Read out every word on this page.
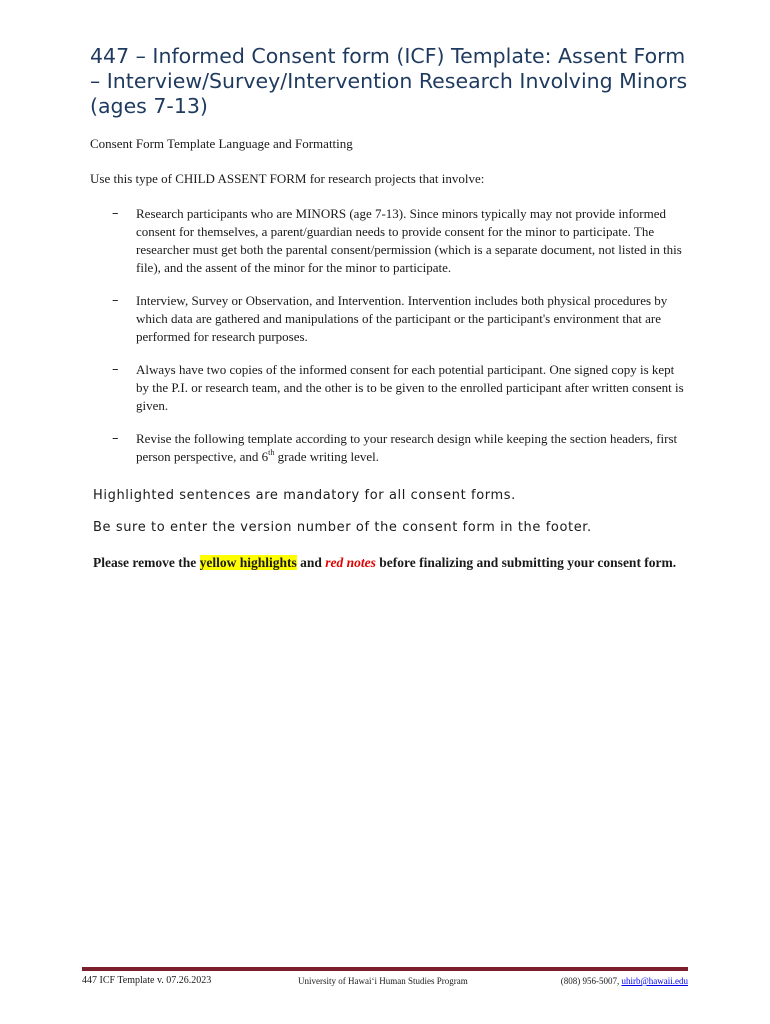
447 – Informed Consent form (ICF) Template: Assent Form – Interview/Survey/Intervention Research Involving Minors (ages 7-13)

Consent Form Template Language and Formatting

Use this type of CHILD ASSENT FORM for research projects that involve:

– Research participants who are MINORS (age 7-13). Since minors typically may not provide informed consent for themselves, a parent/guardian needs to provide consent for the minor to participate. The researcher must get both the parental consent/permission (which is a separate document, not listed in this file), and the assent of the minor for the minor to participate.
– Interview, Survey or Observation, and Intervention. Intervention includes both physical procedures by which data are gathered and manipulations of the participant or the participant's environment that are performed for research purposes.
– Always have two copies of the informed consent for each potential participant. One signed copy is kept by the P.I. or research team, and the other is to be given to the enrolled participant after written consent is given.
– Revise the following template according to your research design while keeping the section headers, first person perspective, and 6th grade writing level.

Highlighted sentences are mandatory for all consent forms.

Be sure to enter the version number of the consent form in the footer.

Please remove the yellow highlights and red notes before finalizing and submitting your consent form.

447 ICF Template v. 07.26.2023	University of Hawaiʻi Human Studies Program	(808) 956-5007, uhirb@hawaii.edu
